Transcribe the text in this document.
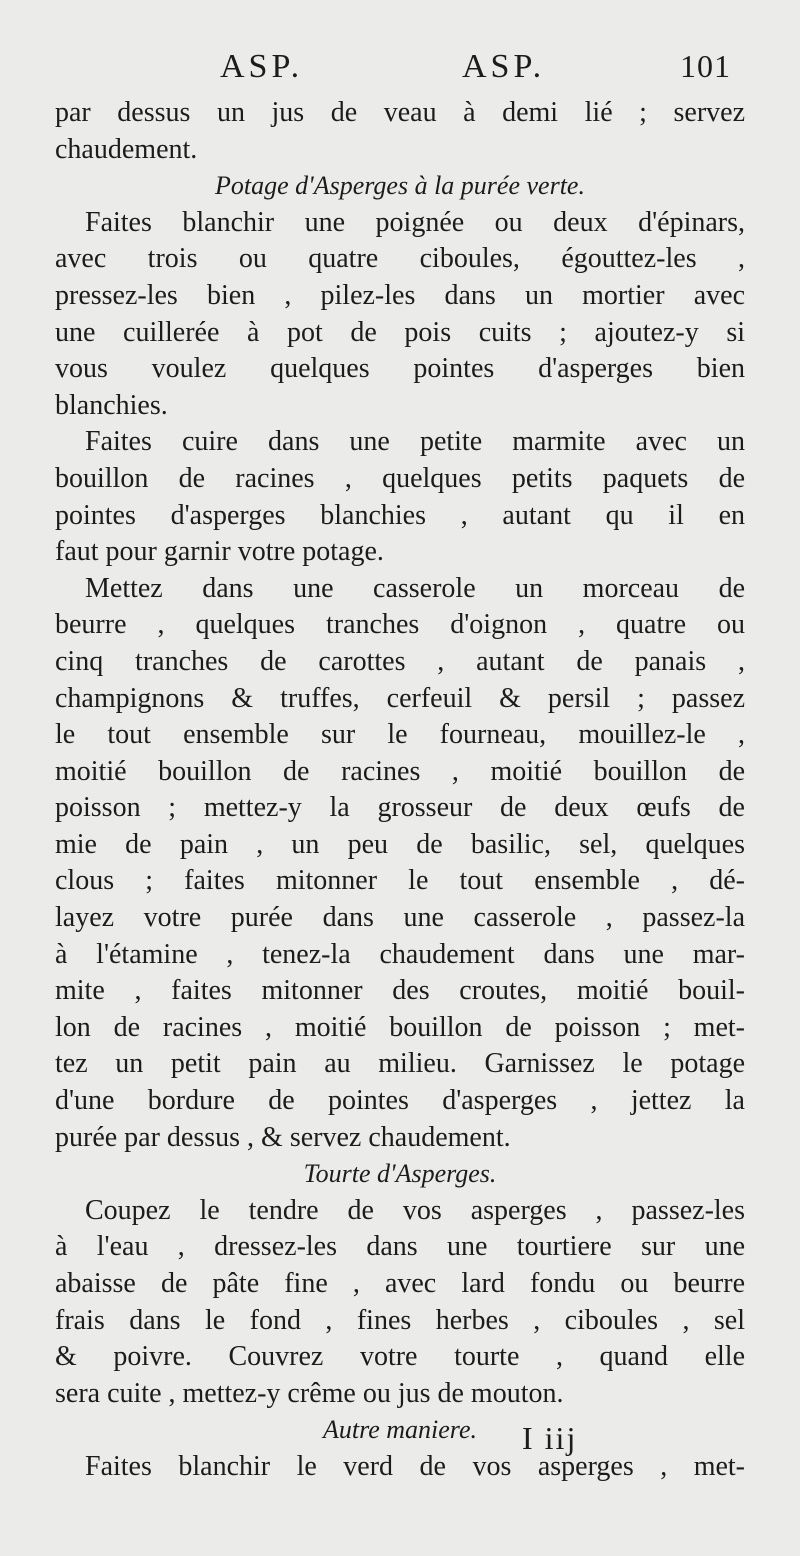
ASP.	ASP.	101
par dessus un jus de veau à demi lié ; servez
chaudement.
Potage d'Asperges à la purée verte.
Faites blanchir une poignée ou deux d'épinars,
avec trois ou quatre ciboules, égouttez-les ,
pressez-les bien , pilez-les dans un mortier avec
une cuillerée à pot de pois cuits ; ajoutez-y si
vous voulez quelques pointes d'asperges bien
blanchies.
Faites cuire dans une petite marmite avec un
bouillon de racines , quelques petits paquets de
pointes d'asperges blanchies , autant qu il en
faut pour garnir votre potage.
Mettez dans une casserole un morceau de
beurre , quelques tranches d'oignon , quatre ou
cinq tranches de carottes , autant de panais ,
champignons & truffes, cerfeuil & persil ; passez
le tout ensemble sur le fourneau, mouillez-le ,
moitié bouillon de racines , moitié bouillon de
poisson ; mettez-y la grosseur de deux œufs de
mie de pain , un peu de basilic, sel, quelques
clous ; faites mitonner le tout ensemble , dé-
layez votre purée dans une casserole , passez-la
à l'étamine , tenez-la chaudement dans une mar-
mite , faites mitonner des croutes, moitié bouil-
lon de racines , moitié bouillon de poisson ; met-
tez un petit pain au milieu. Garnissez le potage
d'une bordure de pointes d'asperges , jettez la
purée par dessus , & servez chaudement.
Tourte d'Asperges.
Coupez le tendre de vos asperges , passez-les
à l'eau , dressez-les dans une tourtiere sur une
abaisse de pâte fine , avec lard fondu ou beurre
frais dans le fond , fines herbes , ciboules , sel
& poivre. Couvrez votre tourte , quand elle
sera cuite , mettez-y crême ou jus de mouton.
Autre maniere.
Faites blanchir le verd de vos asperges , met-
I iij
